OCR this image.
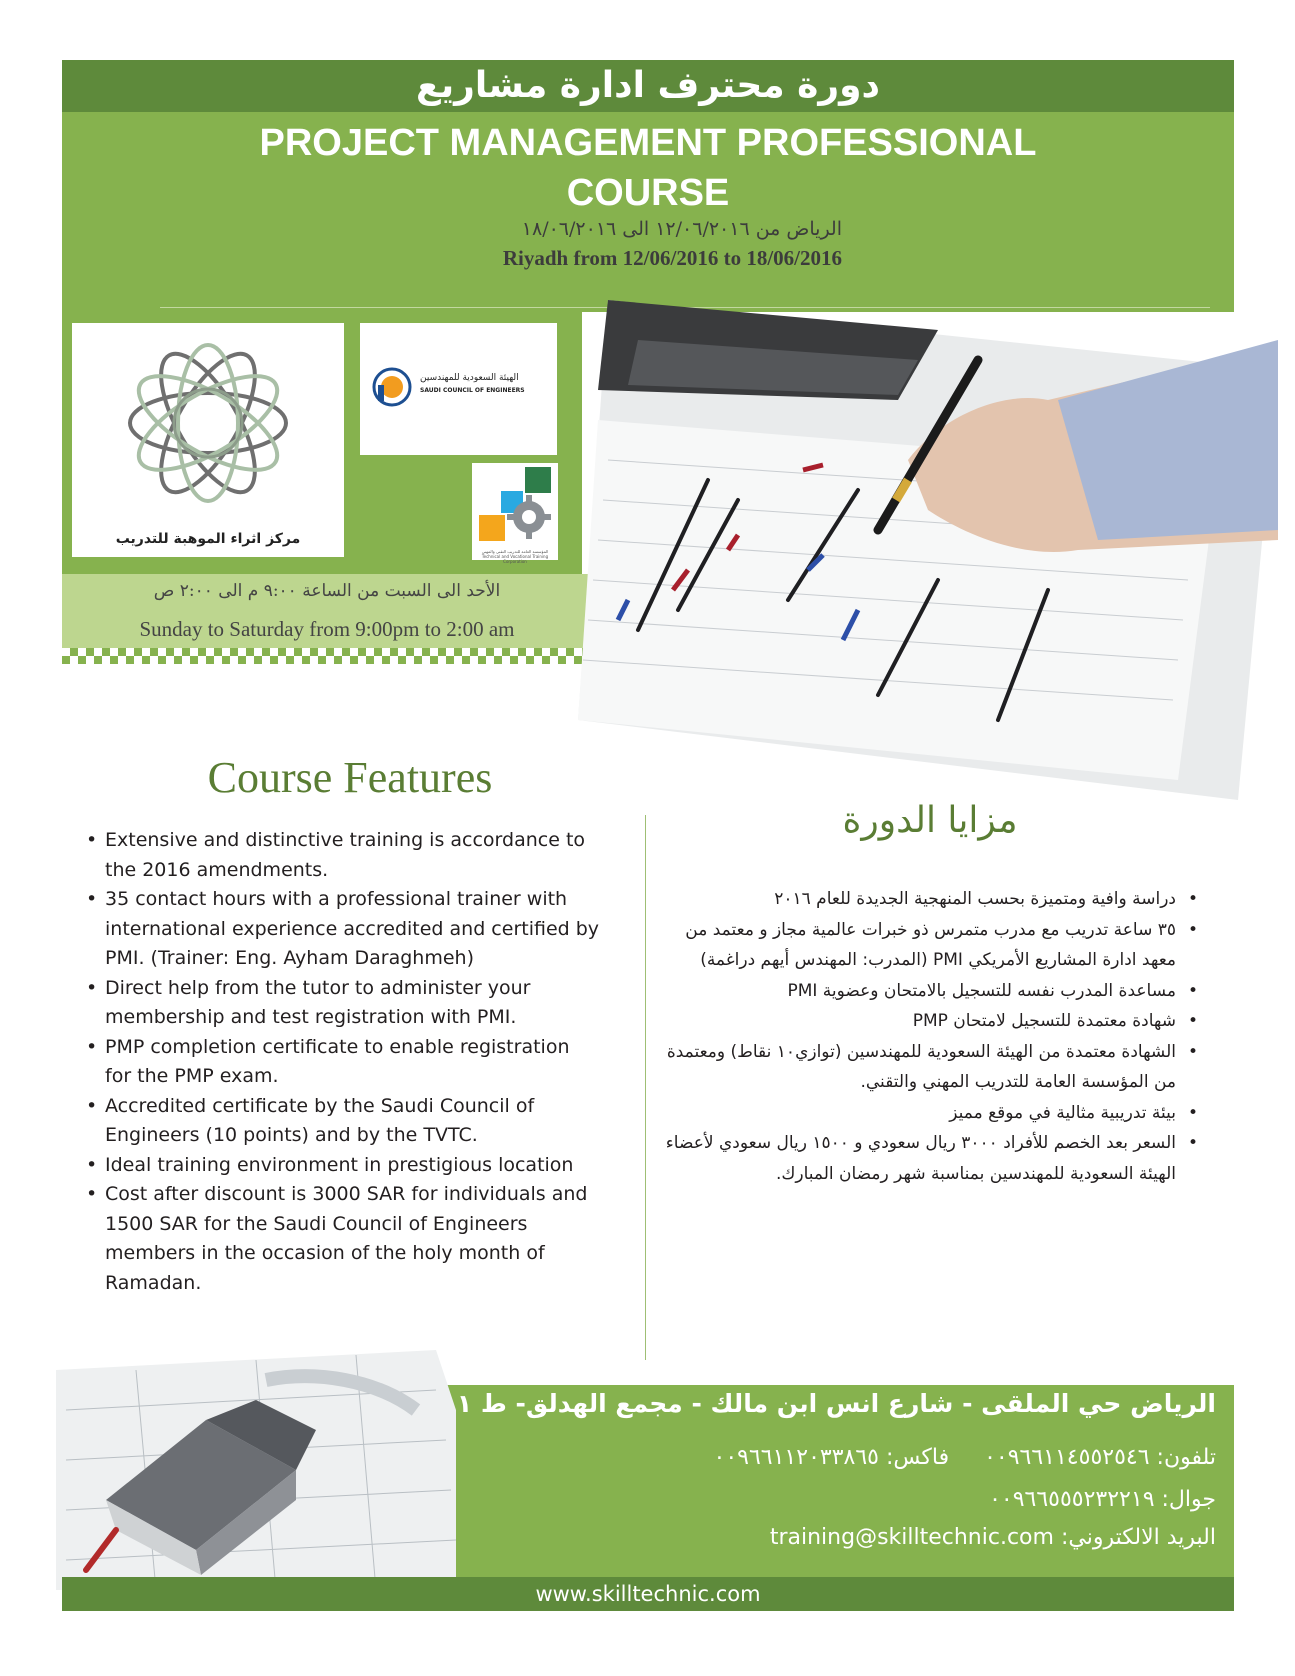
دورة محترف ادارة مشاريع
PROJECT MANAGEMENT PROFESSIONAL
COURSE
الرياض من ١٢/٠٦/٢٠١٦ الى ١٨/٠٦/٢٠١٦
Riyadh from 12/06/2016 to 18/06/2016
مركز اثراء الموهبة للتدريب
الهيئة السعودية للمهندسين
SAUDI COUNCIL OF ENGINEERS
المؤسسة العامة للتدريب التقني والمهني Technical and Vocational Training Corporation
الأحد الى السبت من الساعة ٩:٠٠ م الى ٢:٠٠ ص
Sunday to Saturday from 9:00pm to 2:00 am
Course Features
مزايا الدورة
• Extensive and distinctive training is accordance to the 2016 amendments.
• 35 contact hours with a professional trainer with international experience accredited and certified by PMI. (Trainer: Eng. Ayham Daraghmeh)
• Direct help from the tutor to administer your membership and test registration with PMI.
• PMP completion certificate to enable registration for the PMP exam.
• Accredited certificate by the Saudi Council of Engineers (10 points) and by the TVTC.
• Ideal training environment in prestigious location
• Cost after discount is 3000 SAR for individuals and 1500 SAR for the Saudi Council of Engineers members in the occasion of the holy month of Ramadan.
• دراسة وافية ومتميزة بحسب المنهجية الجديدة للعام ٢٠١٦
• ٣٥ ساعة تدريب مع مدرب متمرس ذو خبرات عالمية مجاز و معتمد من معهد ادارة المشاريع الأمريكي PMI (المدرب: المهندس أيهم دراغمة)
• مساعدة المدرب نفسه للتسجيل بالامتحان وعضوية PMI
• شهادة معتمدة للتسجيل لامتحان PMP
• الشهادة معتمدة من الهيئة السعودية للمهندسين (توازي١٠ نقاط) ومعتمدة من المؤسسة العامة للتدريب المهني والتقني.
• بيئة تدريبية مثالية في موقع مميز
• السعر بعد الخصم للأفراد ٣٠٠٠ ريال سعودي و ١٥٠٠ ريال سعودي لأعضاء الهيئة السعودية للمهندسين بمناسبة شهر رمضان المبارك.
الرياض حي الملقى - شارع انس ابن مالك - مجمع الهدلق- ط ١
تلفون: ٠٠٩٦٦١١٤٥٥٢٥٤٦     فاكس: ٠٠٩٦٦١١٢٠٣٣٨٦٥
جوال: ٠٠٩٦٦٥٥٥٢٣٢٢١٩
البريد الالكتروني: training@skilltechnic.com
www.skilltechnic.com
